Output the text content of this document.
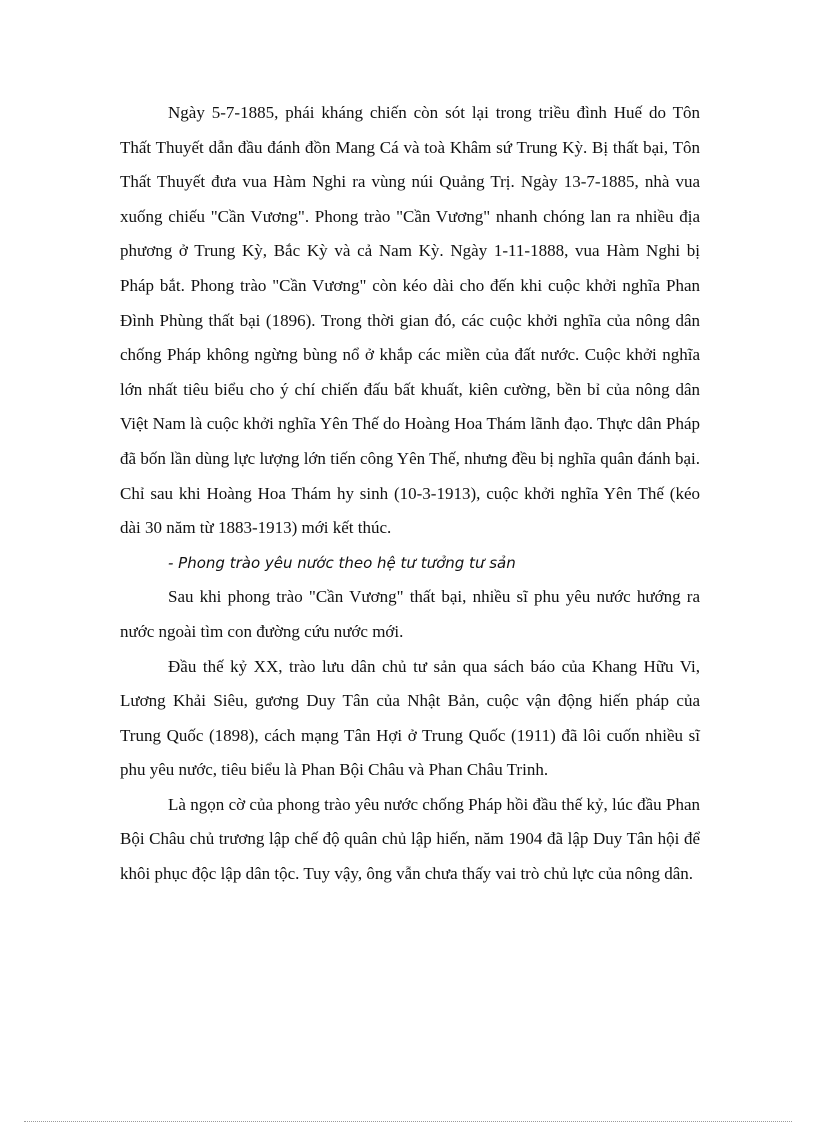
Ngày 5-7-1885, phái kháng chiến còn sót lại trong triều đình Huế do Tôn Thất Thuyết dẫn đầu đánh đồn Mang Cá và toà Khâm sứ Trung Kỳ. Bị thất bại, Tôn Thất Thuyết đưa vua Hàm Nghi ra vùng núi Quảng Trị. Ngày 13-7-1885, nhà vua xuống chiếu "Cần Vương". Phong trào "Cần Vương" nhanh chóng lan ra nhiều địa phương ở Trung Kỳ, Bắc Kỳ và cả Nam Kỳ. Ngày 1-11-1888, vua Hàm Nghi bị Pháp bắt. Phong trào "Cần Vương" còn kéo dài cho đến khi cuộc khởi nghĩa Phan Đình Phùng thất bại (1896). Trong thời gian đó, các cuộc khởi nghĩa của nông dân chống Pháp không ngừng bùng nổ ở khắp các miền của đất nước. Cuộc khởi nghĩa lớn nhất tiêu biểu cho ý chí chiến đấu bất khuất, kiên cường, bền bỉ của nông dân Việt Nam là cuộc khởi nghĩa Yên Thế do Hoàng Hoa Thám lãnh đạo. Thực dân Pháp đã bốn lần dùng lực lượng lớn tiến công Yên Thế, nhưng đều bị nghĩa quân đánh bại. Chỉ sau khi Hoàng Hoa Thám hy sinh (10-3-1913), cuộc khởi nghĩa Yên Thế (kéo dài 30 năm từ 1883-1913) mới kết thúc.

- Phong trào yêu nước theo hệ tư tưởng tư sản

Sau khi phong trào "Cần Vương" thất bại, nhiều sĩ phu yêu nước hướng ra nước ngoài tìm con đường cứu nước mới.

Đầu thế kỷ XX, trào lưu dân chủ tư sản qua sách báo của Khang Hữu Vi, Lương Khải Siêu, gương Duy Tân của Nhật Bản, cuộc vận động hiến pháp của Trung Quốc (1898), cách mạng Tân Hợi ở Trung Quốc (1911) đã lôi cuốn nhiều sĩ phu yêu nước, tiêu biểu là Phan Bội Châu và Phan Châu Trinh.

Là ngọn cờ của phong trào yêu nước chống Pháp hồi đầu thế kỷ, lúc đầu Phan Bội Châu chủ trương lập chế độ quân chủ lập hiến, năm 1904 đã lập Duy Tân hội để khôi phục độc lập dân tộc. Tuy vậy, ông vẫn chưa thấy vai trò chủ lực của nông dân.
